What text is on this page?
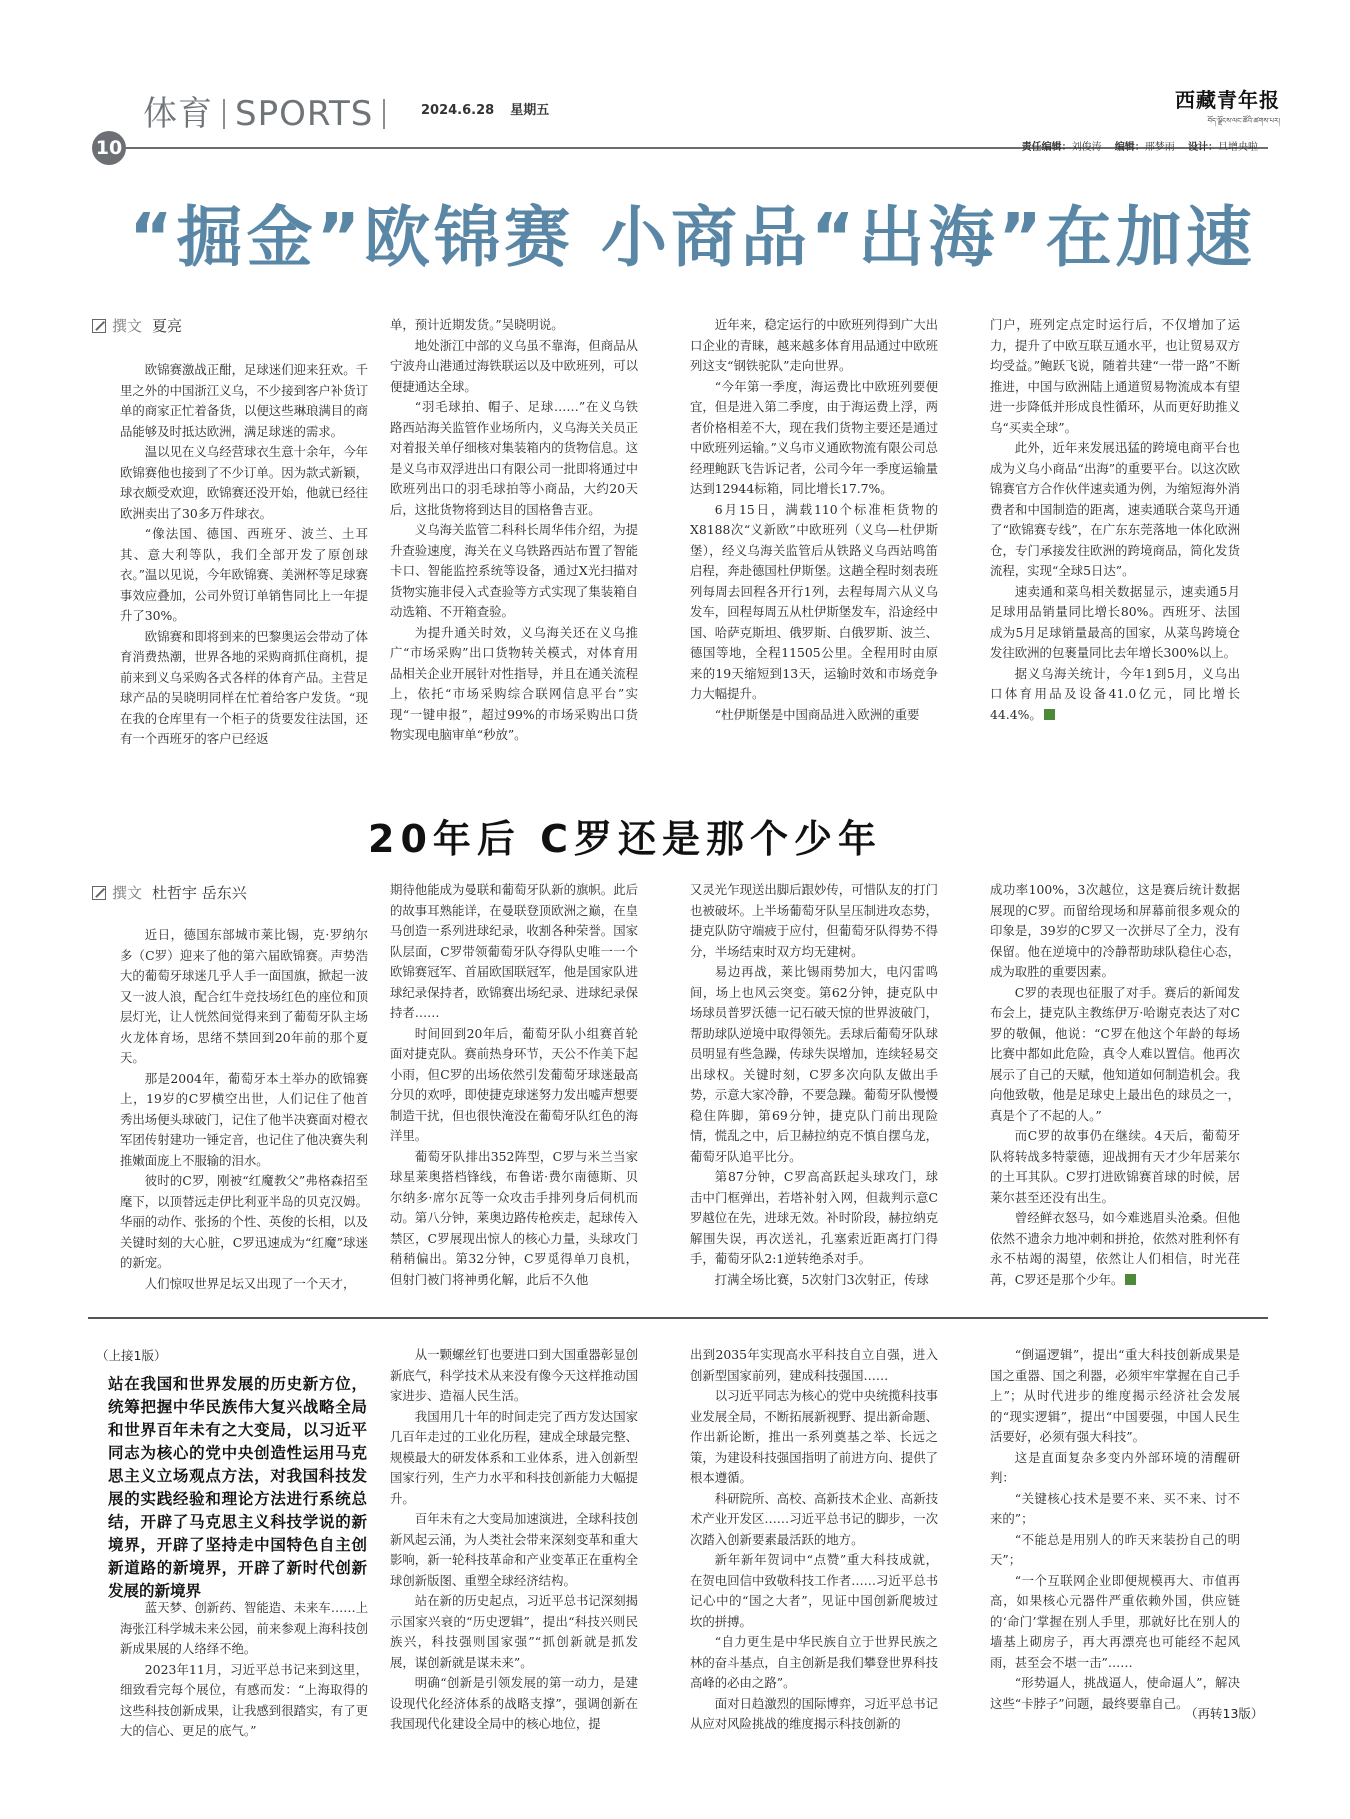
体育 SPORTS	2024.6.28 星期五	西藏青年报
བོད་ལྗོངས་ལང་ཚོའི་ཚགས་པར།
10	责任编辑：刘俊涛 编辑：邢梦雨 设计：旦增央啦
“掘金”欧锦赛 小商品“出海”在加速
撰文 夏亮

欧锦赛激战正酣，足球迷们迎来狂欢。千里之外的中国浙江义乌，不少接到客户补货订单的商家正忙着备货，以便这些琳琅满目的商品能够及时抵达欧洲，满足球迷的需求。

温以见在义乌经营球衣生意十余年，今年欧锦赛他也接到了不少订单。因为款式新颖，球衣颇受欢迎，欧锦赛还没开始，他就已经往欧洲卖出了30多万件球衣。

“像法国、德国、西班牙、波兰、土耳其、意大利等队，我们全部开发了原创球衣。”温以见说，今年欧锦赛、美洲杯等足球赛事效应叠加，公司外贸订单销售同比上一年提升了30%。

欧锦赛和即将到来的巴黎奥运会带动了体育消费热潮，世界各地的采购商抓住商机，提前来到义乌采购各式各样的体育产品。主营足球产品的吴晓明同样在忙着给客户发货。“现在我的仓库里有一个柜子的货要发往法国，还有一个西班牙的客户已经返

单，预计近期发货。”吴晓明说。

地处浙江中部的义乌虽不靠海，但商品从宁波舟山港通过海铁联运以及中欧班列，可以便捷通达全球。

“羽毛球拍、帽子、足球……”在义乌铁路西站海关监管作业场所内，义乌海关关员正对着报关单仔细核对集装箱内的货物信息。这是义乌市双浮进出口有限公司一批即将通过中欧班列出口的羽毛球拍等小商品，大约20天后，这批货物将到达目的国格鲁吉亚。

义乌海关监管二科科长周华伟介绍，为提升查验速度，海关在义乌铁路西站布置了智能卡口、智能监控系统等设备，通过X光扫描对货物实施非侵入式查验等方式实现了集装箱自动选箱、不开箱查验。

为提升通关时效，义乌海关还在义乌推广“市场采购”出口货物转关模式，对体育用品相关企业开展针对性指导，并且在通关流程上，依托“市场采购综合联网信息平台”实现“一键申报”，超过99%的市场采购出口货物实现电脑审单“秒放”。

近年来，稳定运行的中欧班列得到广大出口企业的青睐，越来越多体育用品通过中欧班列这支“钢铁驼队”走向世界。

“今年第一季度，海运费比中欧班列要便宜，但是进入第二季度，由于海运费上浮，两者价格相差不大，现在我们货物主要还是通过中欧班列运输。”义乌市义通欧物流有限公司总经理鲍跃飞告诉记者，公司今年一季度运输量达到12944标箱，同比增长17.7%。

6月15日，满载110个标准柜货物的X8188次“义新欧”中欧班列（义乌—杜伊斯堡），经义乌海关监管后从铁路义乌西站鸣笛启程，奔赴德国杜伊斯堡。这趟全程时刻表班列每周去回程各开行1列，去程每周六从义乌发车，回程每周五从杜伊斯堡发车，沿途经中国、哈萨克斯坦、俄罗斯、白俄罗斯、波兰、德国等地，全程11505公里。全程用时由原来的19天缩短到13天，运输时效和市场竞争力大幅提升。

“杜伊斯堡是中国商品进入欧洲的重要

门户，班列定点定时运行后，不仅增加了运力，提升了中欧互联互通水平，也让贸易双方均受益。”鲍跃飞说，随着共建“一带一路”不断推进，中国与欧洲陆上通道贸易物流成本有望进一步降低并形成良性循环，从而更好助推义乌“买卖全球”。

此外，近年来发展迅猛的跨境电商平台也成为义乌小商品“出海”的重要平台。以这次欧锦赛官方合作伙伴速卖通为例，为缩短海外消费者和中国制造的距离，速卖通联合菜鸟开通了“欧锦赛专线”，在广东东莞落地一体化欧洲仓，专门承接发往欧洲的跨境商品，简化发货流程，实现“全球5日达”。

速卖通和菜鸟相关数据显示，速卖通5月足球用品销量同比增长80%。西班牙、法国成为5月足球销量最高的国家，从菜鸟跨境仓发往欧洲的包裹量同比去年增长300%以上。

据义乌海关统计，今年1到5月，义乌出口体育用品及设备41.0亿元，同比增长44.4%。

20年后 C罗还是那个少年
撰文 杜哲宇 岳东兴

近日，德国东部城市莱比锡，克·罗纳尔多（C罗）迎来了他的第六届欧锦赛。声势浩大的葡萄牙球迷几乎人手一面国旗，掀起一波又一波人浪，配合红牛竞技场红色的座位和顶层灯光，让人恍然间觉得来到了葡萄牙队主场火龙体育场，思绪不禁回到20年前的那个夏天。

那是2004年，葡萄牙本土举办的欧锦赛上，19岁的C罗横空出世，人们记住了他首秀出场便头球破门，记住了他半决赛面对橙衣军团传射建功一锤定音，也记住了他决赛失利推嫩面庞上不服输的泪水。

彼时的C罗，刚被“红魔教父”弗格森招至麾下，以顶替远走伊比利亚半岛的贝克汉姆。华丽的动作、张扬的个性、英俊的长相，以及关键时刻的大心脏，C罗迅速成为“红魔”球迷的新宠。

人们惊叹世界足坛又出现了一个天才，

期待他能成为曼联和葡萄牙队新的旗帜。此后的故事耳熟能详，在曼联登顶欧洲之巅，在皇马创造一系列进球纪录，收割各种荣誉。国家队层面，C罗带领葡萄牙队夺得队史唯一一个欧锦赛冠军、首届欧国联冠军，他是国家队进球纪录保持者，欧锦赛出场纪录、进球纪录保持者……

时间回到20年后，葡萄牙队小组赛首轮面对捷克队。赛前热身环节，天公不作美下起小雨，但C罗的出场依然引发葡萄牙球迷最高分贝的欢呼，即使捷克球迷努力发出嘘声想要制造干扰，但也很快淹没在葡萄牙队红色的海洋里。

葡萄牙队排出352阵型，C罗与米兰当家球星莱奥搭档锋线，布鲁诺·费尔南德斯、贝尔纳多·席尔瓦等一众攻击手排列身后伺机而动。第八分钟，莱奥边路传枪疾走，起球传入禁区，C罗展现出惊人的核心力量，头球攻门稍稍偏出。第32分钟，C罗觅得单刀良机，但射门被门将神勇化解，此后不久他

又灵光乍现送出脚后跟妙传，可惜队友的打门也被破坏。上半场葡萄牙队呈压制进攻态势，捷克队防守端疲于应付，但葡萄牙队得势不得分，半场结束时双方均无建树。

易边再战，莱比锡雨势加大，电闪雷鸣间，场上也风云突变。第62分钟，捷克队中场球员普罗沃德一记石破天惊的世界波破门，帮助球队逆境中取得领先。丢球后葡萄牙队球员明显有些急躁，传球失误增加，连续轻易交出球权。关键时刻，C罗多次向队友做出手势，示意大家冷静，不要急躁。葡萄牙队慢慢稳住阵脚，第69分钟，捷克队门前出现险情，慌乱之中，后卫赫拉纳克不慎自摆乌龙，葡萄牙队追平比分。

第87分钟，C罗高高跃起头球攻门，球击中门框弹出，若塔补射入网，但裁判示意C罗越位在先，进球无效。补时阶段，赫拉纳克解围失误，再次送礼，孔塞索近距离打门得手，葡萄牙队2:1逆转绝杀对手。

打满全场比赛，5次射门3次射正，传球

成功率100%，3次越位，这是赛后统计数据展现的C罗。而留给现场和屏幕前很多观众的印象是，39岁的C罗又一次拼尽了全力，没有保留。他在逆境中的冷静帮助球队稳住心态，成为取胜的重要因素。

C罗的表现也征服了对手。赛后的新闻发布会上，捷克队主教练伊万·哈谢克表达了对C罗的敬佩，他说：“C罗在他这个年龄的每场比赛中都如此危险，真令人难以置信。他再次展示了自己的天赋，他知道如何制造机会。我向他致敬，他是足球史上最出色的球员之一，真是个了不起的人。”

而C罗的故事仍在继续。4天后，葡萄牙队将转战多特蒙德，迎战拥有天才少年居莱尔的土耳其队。C罗打进欧锦赛首球的时候，居莱尔甚至还没有出生。

曾经鲜衣怒马，如今难逃眉头沧桑。但他依然不遗余力地冲刺和拼抢，依然对胜利怀有永不枯竭的渴望，依然让人们相信，时光荏苒，C罗还是那个少年。

（上接1版）
站在我国和世界发展的历史新方位，统筹把握中华民族伟大复兴战略全局和世界百年未有之大变局，以习近平同志为核心的党中央创造性运用马克思主义立场观点方法，对我国科技发展的实践经验和理论方法进行系统总结，开辟了马克思主义科技学说的新境界，开辟了坚持走中国特色自主创新道路的新境界，开辟了新时代创新发展的新境界

蓝天梦、创新药、智能造、未来车……上海张江科学城未来公园，前来参观上海科技创新成果展的人络绎不绝。

2023年11月，习近平总书记来到这里，细致看完每个展位，有感而发：“上海取得的这些科技创新成果，让我感到很踏实，有了更大的信心、更足的底气。”

从一颗螺丝钉也要进口到大国重器彰显创新底气，科学技术从来没有像今天这样推动国家进步、造福人民生活。

我国用几十年的时间走完了西方发达国家几百年走过的工业化历程，建成全球最完整、规模最大的研发体系和工业体系，进入创新型国家行列，生产力水平和科技创新能力大幅提升。

百年未有之大变局加速演进，全球科技创新风起云涌，为人类社会带来深刻变革和重大影响，新一轮科技革命和产业变革正在重构全球创新版图、重塑全球经济结构。

站在新的历史起点，习近平总书记深刻揭示国家兴衰的“历史逻辑”，提出“科技兴则民族兴，科技强则国家强”“抓创新就是抓发展，谋创新就是谋未来”。

明确“创新是引领发展的第一动力，是建设现代化经济体系的战略支撑”，强调创新在我国现代化建设全局中的核心地位，提

出到2035年实现高水平科技自立自强，进入创新型国家前列，建成科技强国……

以习近平同志为核心的党中央统揽科技事业发展全局，不断拓展新视野、提出新命题、作出新论断，推出一系列奠基之举、长远之策，为建设科技强国指明了前进方向、提供了根本遵循。

科研院所、高校、高新技术企业、高新技术产业开发区……习近平总书记的脚步，一次次踏入创新要素最活跃的地方。

新年新年贺词中“点赞”重大科技成就，在贺电回信中致敬科技工作者……习近平总书记心中的“国之大者”，见证中国创新爬坡过坎的拼搏。

“自力更生是中华民族自立于世界民族之林的奋斗基点，自主创新是我们攀登世界科技高峰的必由之路”。

面对日趋激烈的国际博弈，习近平总书记从应对风险挑战的维度揭示科技创新的

“倒逼逻辑”，提出“重大科技创新成果是国之重器、国之利器，必须牢牢掌握在自己手上”；从时代进步的维度揭示经济社会发展的“现实逻辑”，提出“中国要强，中国人民生活要好，必须有强大科技”。

这是直面复杂多变内外部环境的清醒研判：

“关键核心技术是要不来、买不来、讨不来的”；

“不能总是用别人的昨天来装扮自己的明天”；

“一个互联网企业即便规模再大、市值再高，如果核心元器件严重依赖外国，供应链的‘命门’掌握在别人手里，那就好比在别人的墙基上砌房子，再大再漂亮也可能经不起风雨，甚至会不堪一击”……

“形势逼人，挑战逼人，使命逼人”，解决这些“卡脖子”问题，最终要靠自己。

（再转13版）
